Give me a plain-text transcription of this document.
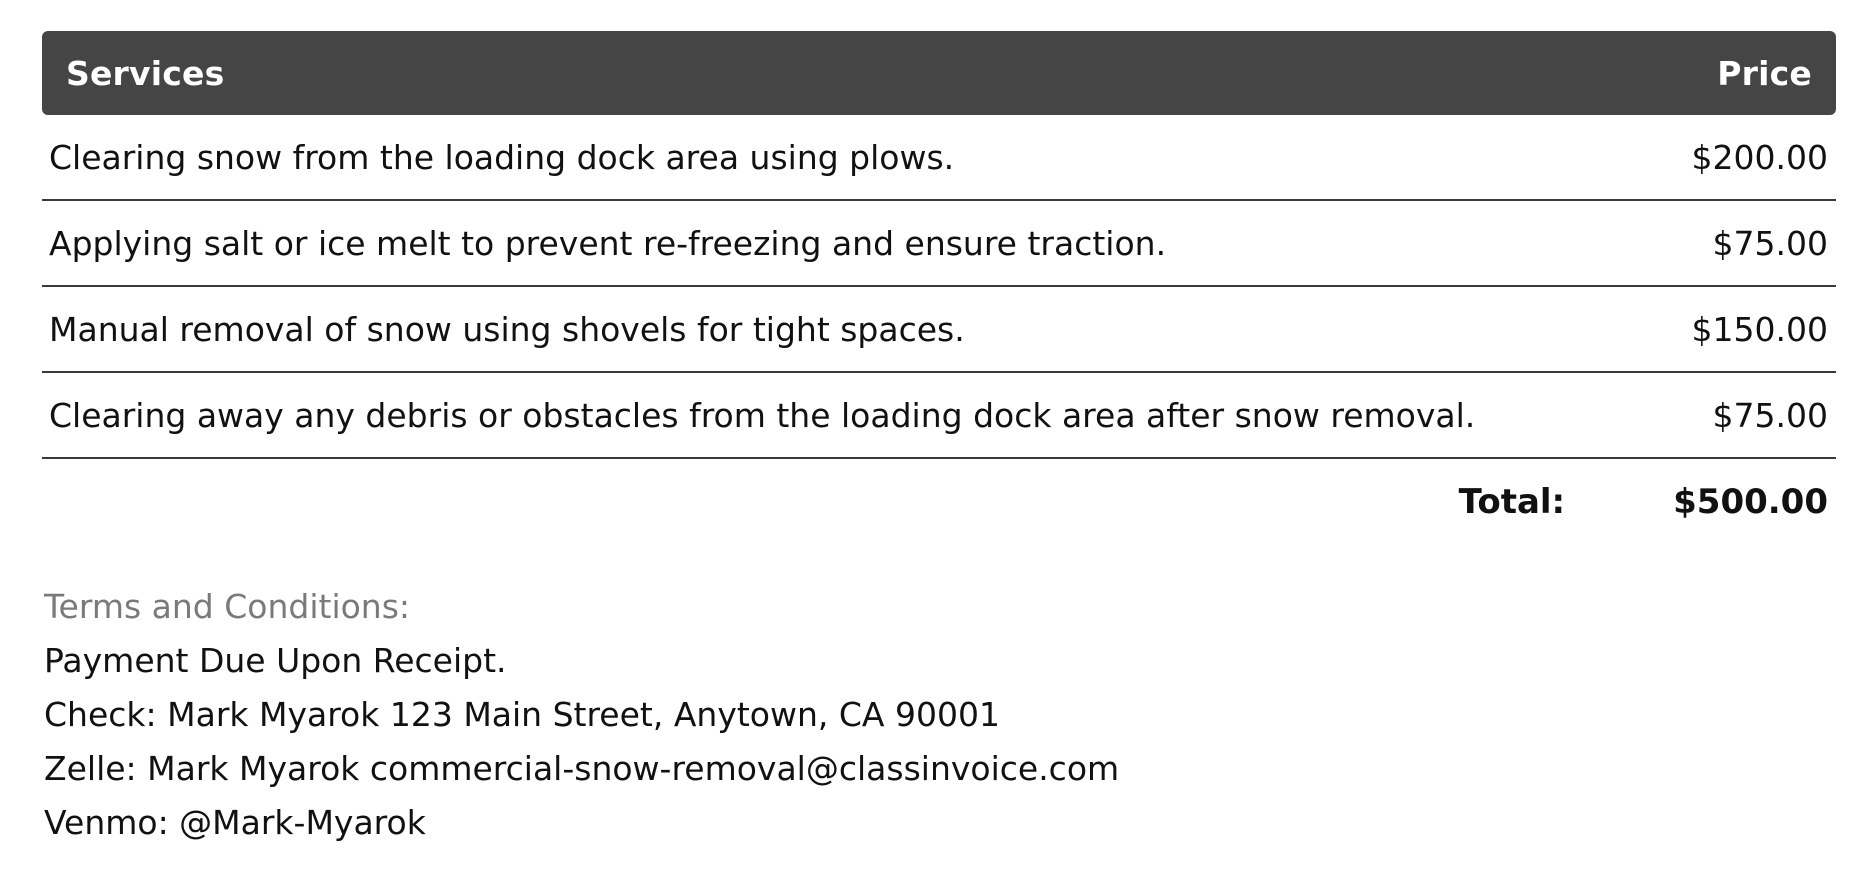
Services	Price
Clearing snow from the loading dock area using plows.	$200.00
Applying salt or ice melt to prevent re-freezing and ensure traction.	$75.00
Manual removal of snow using shovels for tight spaces.	$150.00
Clearing away any debris or obstacles from the loading dock area after snow removal.	$75.00
Total:	$500.00
Terms and Conditions:
Payment Due Upon Receipt.
Check: Mark Myarok 123 Main Street, Anytown, CA 90001
Zelle: Mark Myarok commercial-snow-removal@classinvoice.com
Venmo: @Mark-Myarok
